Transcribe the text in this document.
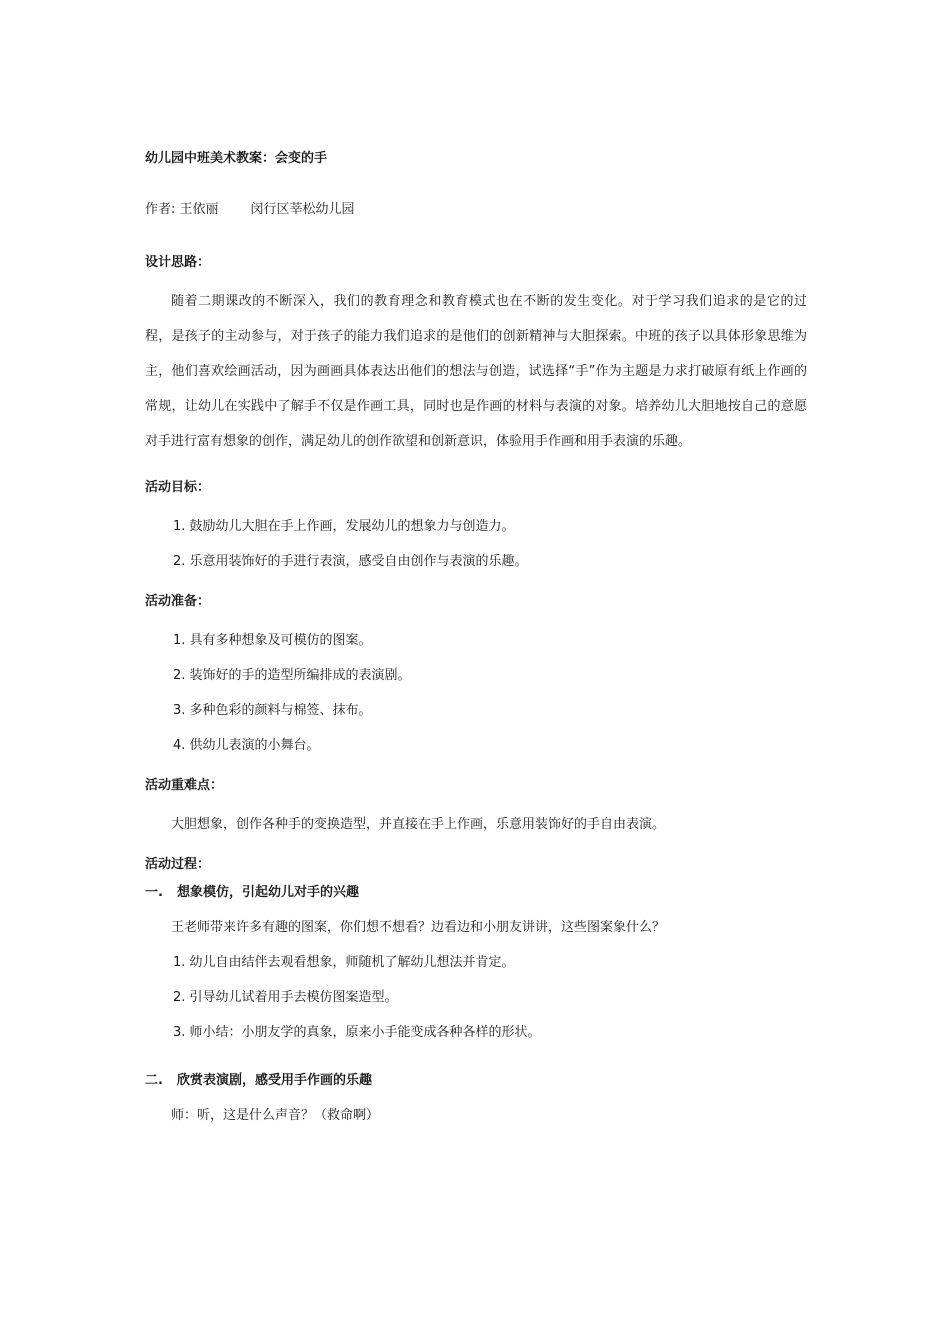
幼儿园中班美术教案：会变的手
作者: 王依丽 闵行区莘松幼儿园
设计思路：

随着二期课改的不断深入，我们的教育理念和教育模式也在不断的发生变化。对于学习我们追求的是它的过程，是孩子的主动参与，对于孩子的能力我们追求的是他们的创新精神与大胆探索。中班的孩子以具体形象思维为主，他们喜欢绘画活动，因为画画具体表达出他们的想法与创造，试选择“手”作为主题是力求打破原有纸上作画的常规，让幼儿在实践中了解手不仅是作画工具，同时也是作画的材料与表演的对象。培养幼儿大胆地按自己的意愿对手进行富有想象的创作，满足幼儿的创作欲望和创新意识，体验用手作画和用手表演的乐趣。

活动目标：
1. 鼓励幼儿大胆在手上作画，发展幼儿的想象力与创造力。
2. 乐意用装饰好的手进行表演，感受自由创作与表演的乐趣。
活动准备：
1. 具有多种想象及可模仿的图案。
2. 装饰好的手的造型所编排成的表演剧。
3. 多种色彩的颜料与棉签、抹布。
4. 供幼儿表演的小舞台。
活动重难点：

大胆想象，创作各种手的变换造型，并直接在手上作画，乐意用装饰好的手自由表演。

活动过程：
一. 想象模仿，引起幼儿对手的兴趣

王老师带来许多有趣的图案，你们想不想看？边看边和小朋友讲讲，这些图案象什么？

1. 幼儿自由结伴去观看想象，师随机了解幼儿想法并肯定。
2. 引导幼儿试着用手去模仿图案造型。
3. 师小结：小朋友学的真象，原来小手能变成各种各样的形状。
二. 欣赏表演剧，感受用手作画的乐趣

师：听，这是什么声音？（救命啊）
